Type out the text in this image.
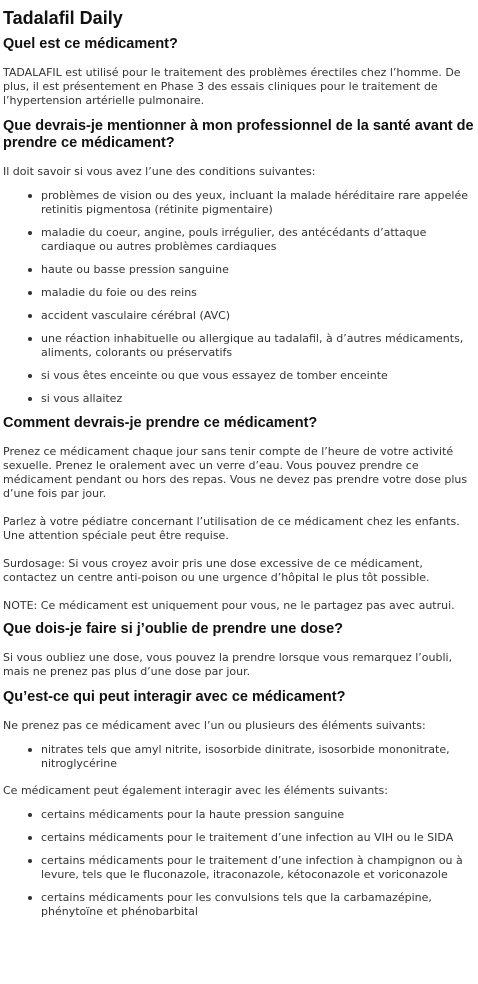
Tadalafil Daily
Quel est ce médicament?

TADALAFIL est utilisé pour le traitement des problèmes érectiles chez l’homme. De plus, il est présentement en Phase 3 des essais cliniques pour le traitement de l’hypertension artérielle pulmonaire.

Que devrais-je mentionner à mon professionnel de la santé avant de prendre ce médicament?

Il doit savoir si vous avez l’une des conditions suivantes:

problèmes de vision ou des yeux, incluant la malade héréditaire rare appelée retinitis pigmentosa (rétinite pigmentaire)
maladie du coeur, angine, pouls irrégulier, des antécédants d’attaque cardiaque ou autres problèmes cardiaques
haute ou basse pression sanguine
maladie du foie ou des reins
accident vasculaire cérébral (AVC)
une réaction inhabituelle ou allergique au tadalafil, à d’autres médicaments, aliments, colorants ou préservatifs
si vous êtes enceinte ou que vous essayez de tomber enceinte
si vous allaitez
Comment devrais-je prendre ce médicament?

Prenez ce médicament chaque jour sans tenir compte de l’heure de votre activité sexuelle. Prenez le oralement avec un verre d’eau. Vous pouvez prendre ce médicament pendant ou hors des repas. Vous ne devez pas prendre votre dose plus d’une fois par jour.

Parlez à votre pédiatre concernant l’utilisation de ce médicament chez les enfants. Une attention spéciale peut être requise.

Surdosage: Si vous croyez avoir pris une dose excessive de ce médicament, contactez un centre anti-poison ou une urgence d’hôpital le plus tôt possible.

NOTE: Ce médicament est uniquement pour vous, ne le partagez pas avec autrui.

Que dois-je faire si j’oublie de prendre une dose?

Si vous oubliez une dose, vous pouvez la prendre lorsque vous remarquez l’oubli, mais ne prenez pas plus d’une dose par jour.

Qu’est-ce qui peut interagir avec ce médicament?

Ne prenez pas ce médicament avec l’un ou plusieurs des éléments suivants:

nitrates tels que amyl nitrite, isosorbide dinitrate, isosorbide mononitrate, nitroglycérine

Ce médicament peut également interagir avec les éléments suivants:

certains médicaments pour la haute pression sanguine
certains médicaments pour le traitement d’une infection au VIH ou le SIDA
certains médicaments pour le traitement d’une infection à champignon ou à levure, tels que le fluconazole, itraconazole, kétoconazole et voriconazole
certains médicaments pour les convulsions tels que la carbamazépine, phénytoïne et phénobarbital
